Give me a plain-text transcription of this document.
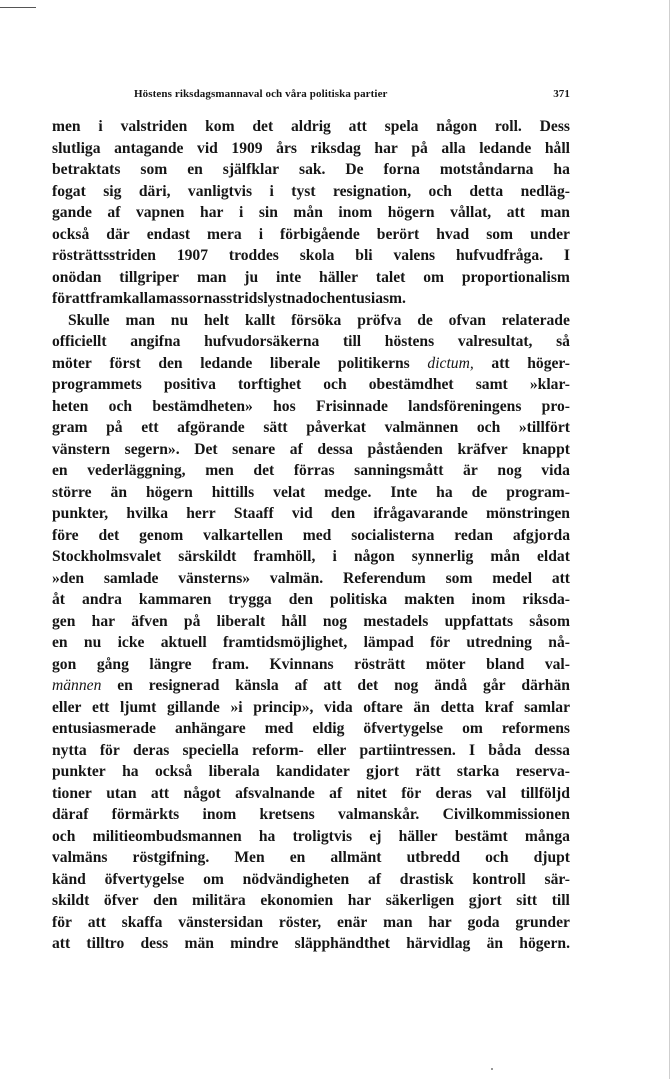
Höstens riksdagsmannaval och våra politiska partier	371
men i valstriden kom det aldrig att spela någon roll. Dess
slutliga antagande vid 1909 års riksdag har på alla ledande håll
betraktats som en själfklar sak. De forna motståndarna ha
fogat sig däri, vanligtvis i tyst resignation, och detta nedläg-
gande af vapnen har i sin mån inom högern vållat, att man
också där endast mera i förbigående berört hvad som under
rösträttsstriden 1907 troddes skola bli valens hufvudfråga. I
onödan tillgriper man ju inte häller talet om proportionalism
för att framkalla massornas stridslystnad och entusiasm.
Skulle man nu helt kallt försöka pröfva de ofvan relaterade
officiellt angifna hufvudorsäkerna till höstens valresultat, så
möter först den ledande liberale politikerns dictum, att höger-
programmets positiva torftighet och obestämdhet samt »klar-
heten och bestämdheten» hos Frisinnade landsföreningens pro-
gram på ett afgörande sätt påverkat valmännen och »tillfört
vänstern segern». Det senare af dessa påståenden kräfver knappt
en vederläggning, men det förras sanningsmått är nog vida
större än högern hittills velat medge. Inte ha de program-
punkter, hvilka herr Staaff vid den ifrågavarande mönstringen
före det genom valkartellen med socialisterna redan afgjorda
Stockholmsvalet särskildt framhöll, i någon synnerlig mån eldat
»den samlade vänsterns» valmän. Referendum som medel att
åt andra kammaren trygga den politiska makten inom riksda-
gen har äfven på liberalt håll nog mestadels uppfattats såsom
en nu icke aktuell framtidsmöjlighet, lämpad för utredning nå-
gon gång längre fram. Kvinnans rösträtt möter bland val-
männen en resignerad känsla af att det nog ändå går därhän
eller ett ljumt gillande »i princip», vida oftare än detta kraf samlar
entusiasmerade anhängare med eldig öfvertygelse om reformens
nytta för deras speciella reform- eller partiintressen. I båda dessa
punkter ha också liberala kandidater gjort rätt starka reserva-
tioner utan att något afsvalnande af nitet för deras val tillföljd
däraf förmärkts inom kretsens valmanskår. Civilkommissionen
och militieombudsmannen ha troligtvis ej häller bestämt många
valmäns röstgifning. Men en allmänt utbredd och djupt
känd öfvertygelse om nödvändigheten af drastisk kontroll sär-
skildt öfver den militära ekonomien har säkerligen gjort sitt till
för att skaffa vänstersidan röster, enär man har goda grunder
att tilltro dess män mindre släpphändthet härvidlag än högern.
